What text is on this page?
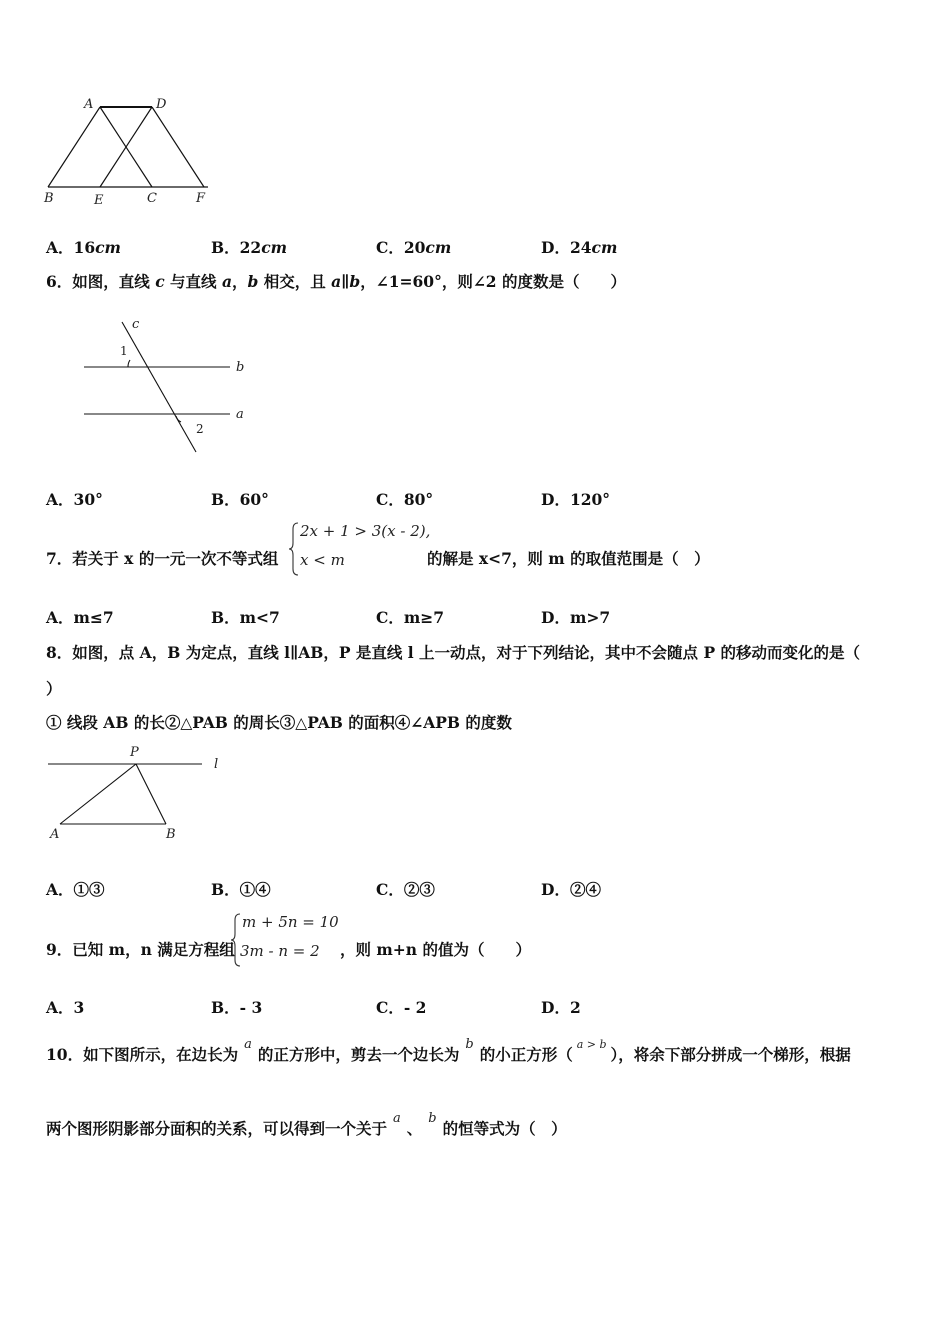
A	D
B	E	C	F
A．16cm	B．22cm	C．20cm	D．24cm
6．如图，直线 c 与直线 a，b 相交，且 a∥b，∠1=60°，则∠2 的度数是（　　）
c
1
b
a
2
A．30°	B．60°	C．80°	D．120°
7．若关于 x 的一元一次不等式组
2x + 1 > 3(x - 2),
x < m	的解是 x<7，则 m 的取值范围是（　）
A．m≤7	B．m<7	C．m≥7	D．m>7
8．如图，点 A，B 为定点，直线 l∥AB，P 是直线 l 上一动点，对于下列结论，其中不会随点 P 的移动而变化的是（
）
① 线段 AB 的长②△PAB 的周长③△PAB 的面积④∠APB 的度数
P
l
A	B
A．①③	B．①④	C．②③	D．②④
9．已知 m，n 满足方程组
m + 5n = 10
3m - n = 2 ，则 m+n 的值为（　　）
A．3	B．- 3	C．- 2	D．2
10．如下图所示，在边长为$^a$的正方形中，剪去一个边长为$^b$的小正方形（$^{a > b}$），将余下部分拼成一个梯形，根据
两个图形阴影部分面积的关系，可以得到一个关于$^a$、$^b$的恒等式为（　）
